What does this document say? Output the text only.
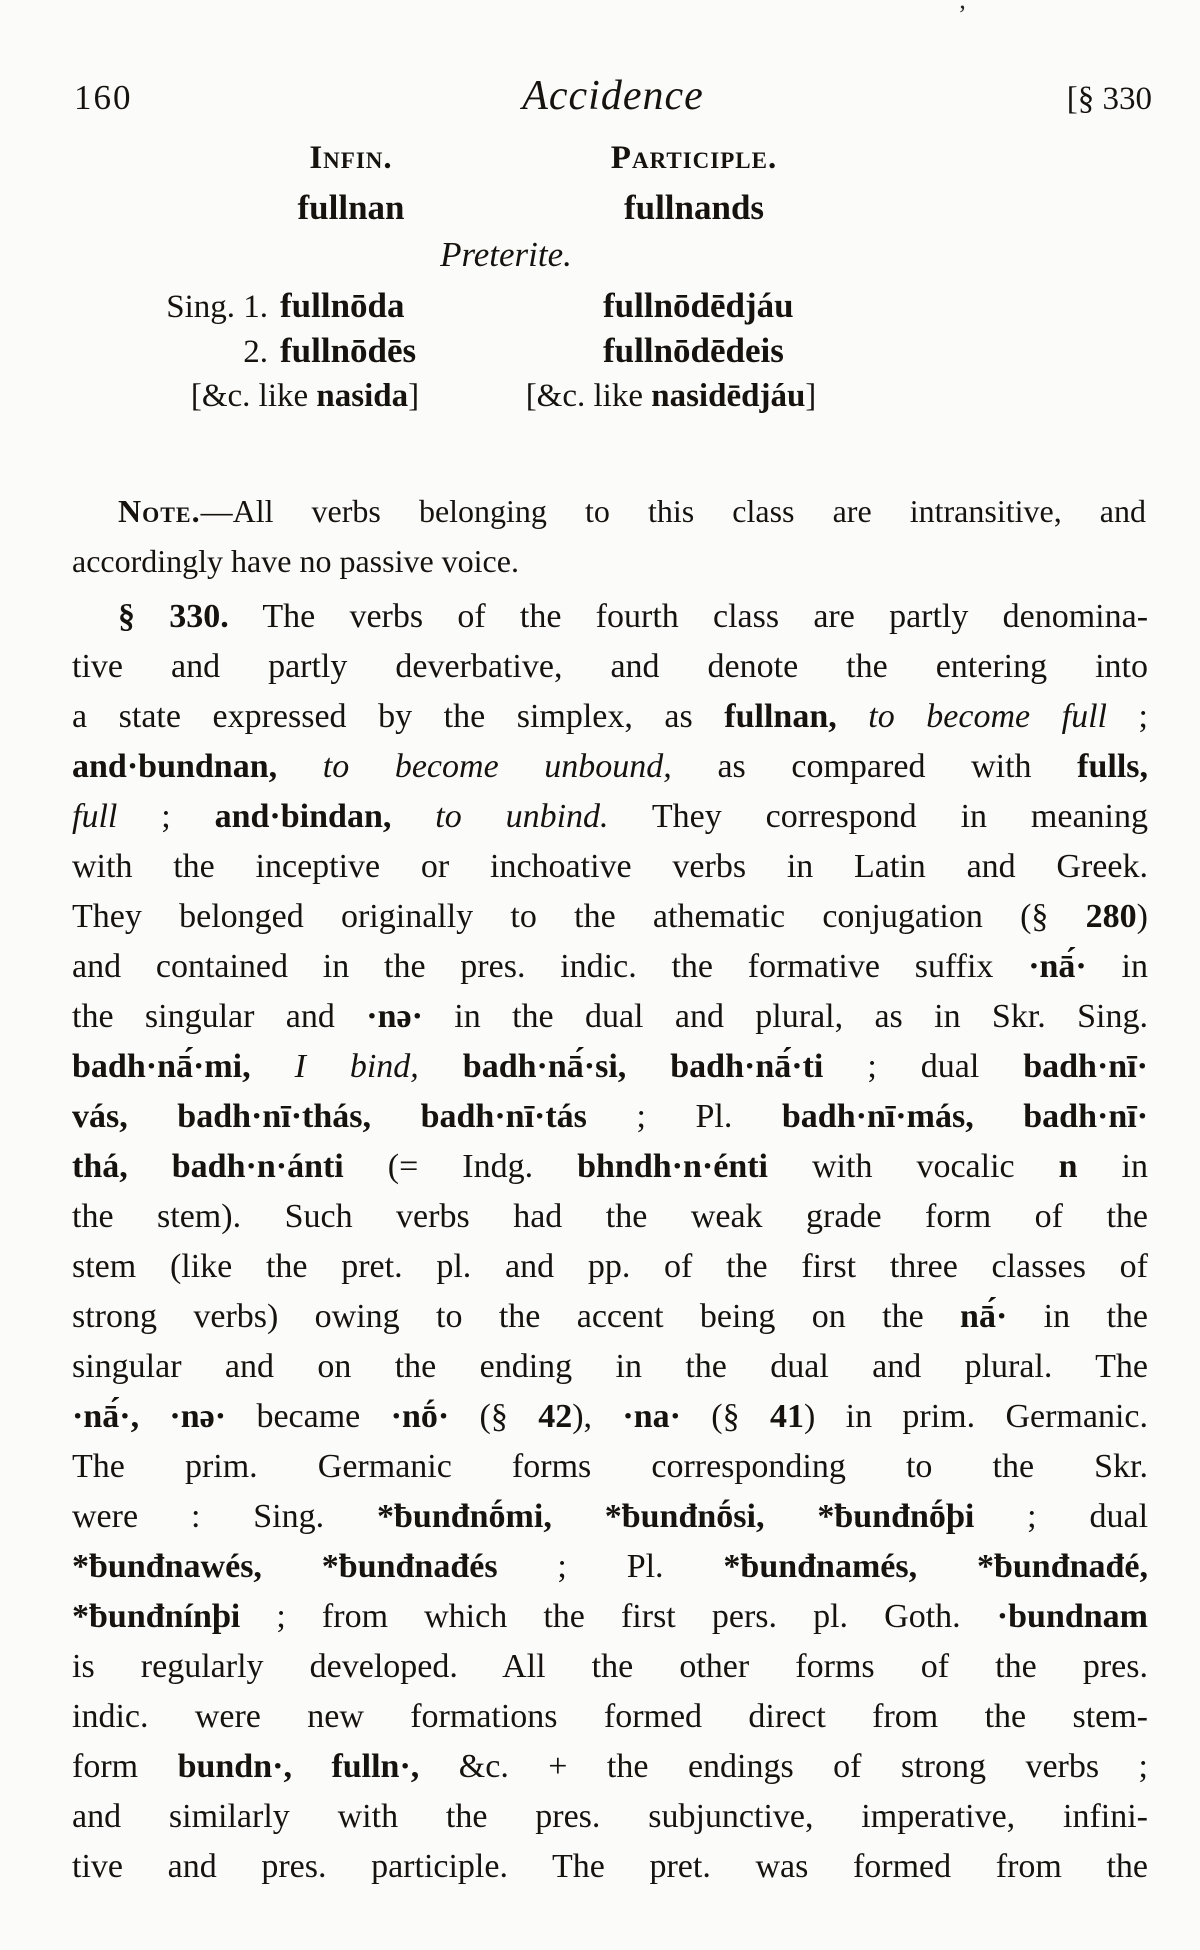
’
160	Accidence	[§ 330
Infin.	Participle.
fullnan	fullnands
Preterite.
Sing. 1. fullnōda	fullnōdēdjáu
2. fullnōdēs	fullnōdēdeis
[&c. like nasida]	[&c. like nasidēdjáu]
Note.—All verbs belonging to this class are intransitive, and
accordingly have no passive voice.
§ 330. The verbs of the fourth class are partly denomina-
tive and partly deverbative, and denote the entering into
a state expressed by the simplex, as fullnan, to become full ;
and·bundnan, to become unbound, as compared with fulls,
full ; and·bindan, to unbind. They correspond in meaning
with the inceptive or inchoative verbs in Latin and Greek.
They belonged originally to the athematic conjugation (§ 280)
and contained in the pres. indic. the formative suffix ·nā́· in
the singular and ·nə· in the dual and plural, as in Skr. Sing.
badh·nā́·mi, I bind, badh·nā́·si, badh·nā́·ti ; dual badh·nī·
vás, badh·nī·thás, badh·nī·tás ; Pl. badh·nī·más, badh·nī·
thá, badh·n·ánti (= Indg. bhndh·n·énti with vocalic n in
the stem). Such verbs had the weak grade form of the
stem (like the pret. pl. and pp. of the first three classes of
strong verbs) owing to the accent being on the nā́· in the
singular and on the ending in the dual and plural. The
·nā́·, ·nə· became ·nṓ· (§ 42), ·na· (§ 41) in prim. Germanic.
The prim. Germanic forms corresponding to the Skr.
were : Sing. *ƀunđnṓmi, *ƀunđnṓsi, *ƀunđnṓþi ; dual
*ƀunđnawés, *ƀunđnađés ; Pl. *ƀunđnamés, *ƀunđnađé,
*ƀunđnínþi ; from which the first pers. pl. Goth. ·bundnam
is regularly developed. All the other forms of the pres.
indic. were new formations formed direct from the stem-
form bundn·, fulln·, &c. + the endings of strong verbs ;
and similarly with the pres. subjunctive, imperative, infini-
tive and pres. participle. The pret. was formed from the
